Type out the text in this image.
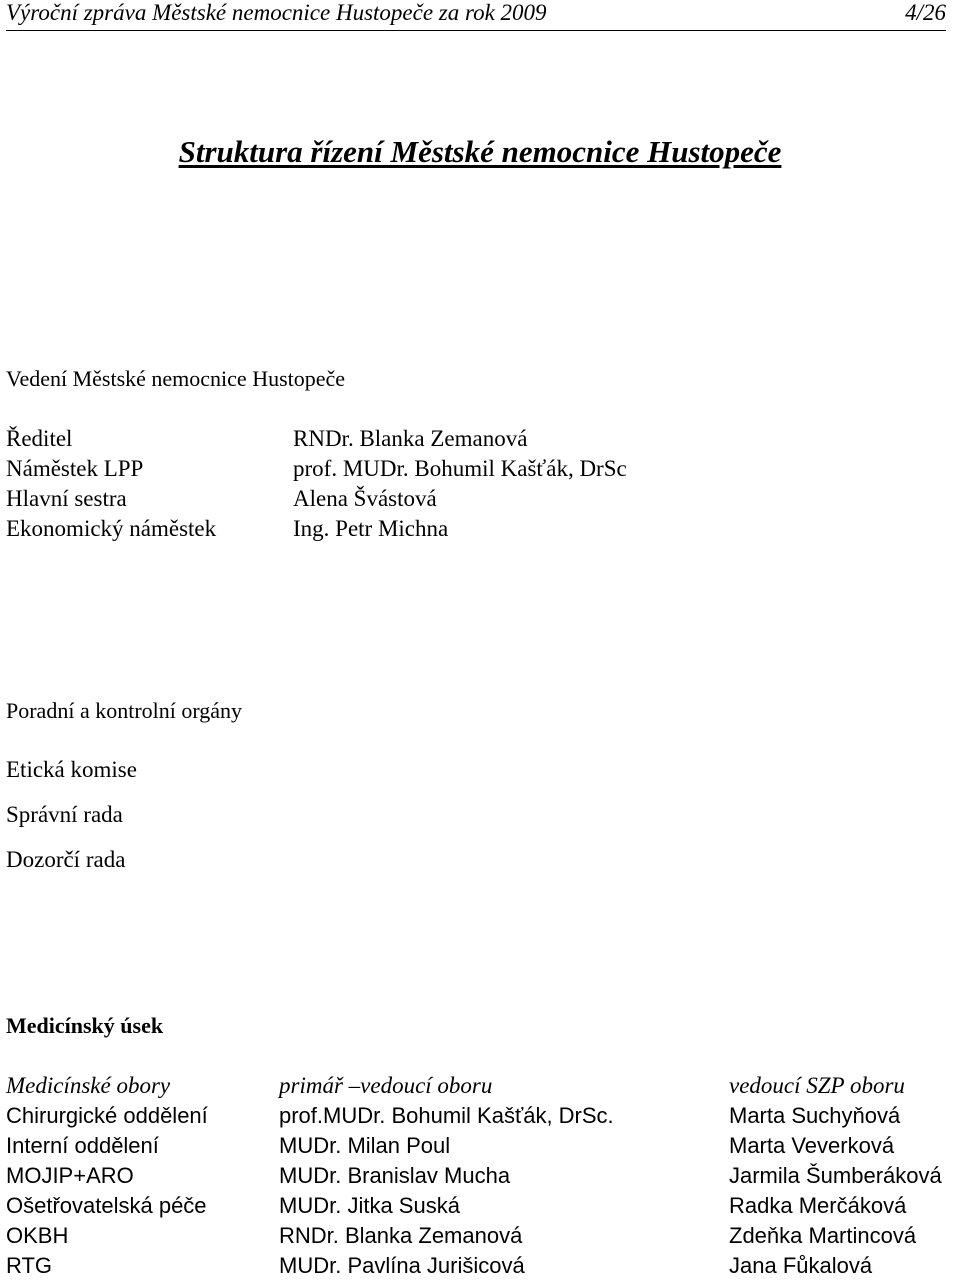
Výroční zpráva Městské nemocnice Hustopeče za rok 2009	4/26
Struktura řízení Městské nemocnice Hustopeče
Vedení Městské nemocnice Hustopeče
Ředitel	RNDr. Blanka Zemanová
Náměstek LPP	prof. MUDr. Bohumil Kašťák, DrSc
Hlavní sestra	Alena Švástová
Ekonomický náměstek	Ing. Petr Michna
Poradní a kontrolní orgány
Etická komise
Správní rada
Dozorčí rada
Medicínský úsek
Medicínské obory	primář –vedoucí oboru	vedoucí SZP oboru
Chirurgické oddělení	prof.MUDr. Bohumil Kašťák, DrSc.	Marta Suchyňová
Interní oddělení	MUDr. Milan Poul	Marta Veverková
MOJIP+ARO	MUDr. Branislav Mucha	Jarmila Šumberáková
Ošetřovatelská péče	MUDr. Jitka Suská	Radka Merčáková
OKBH	RNDr. Blanka Zemanová	Zdeňka Martincová
RTG	MUDr. Pavlína Jurišicová	Jana Fůkalová
